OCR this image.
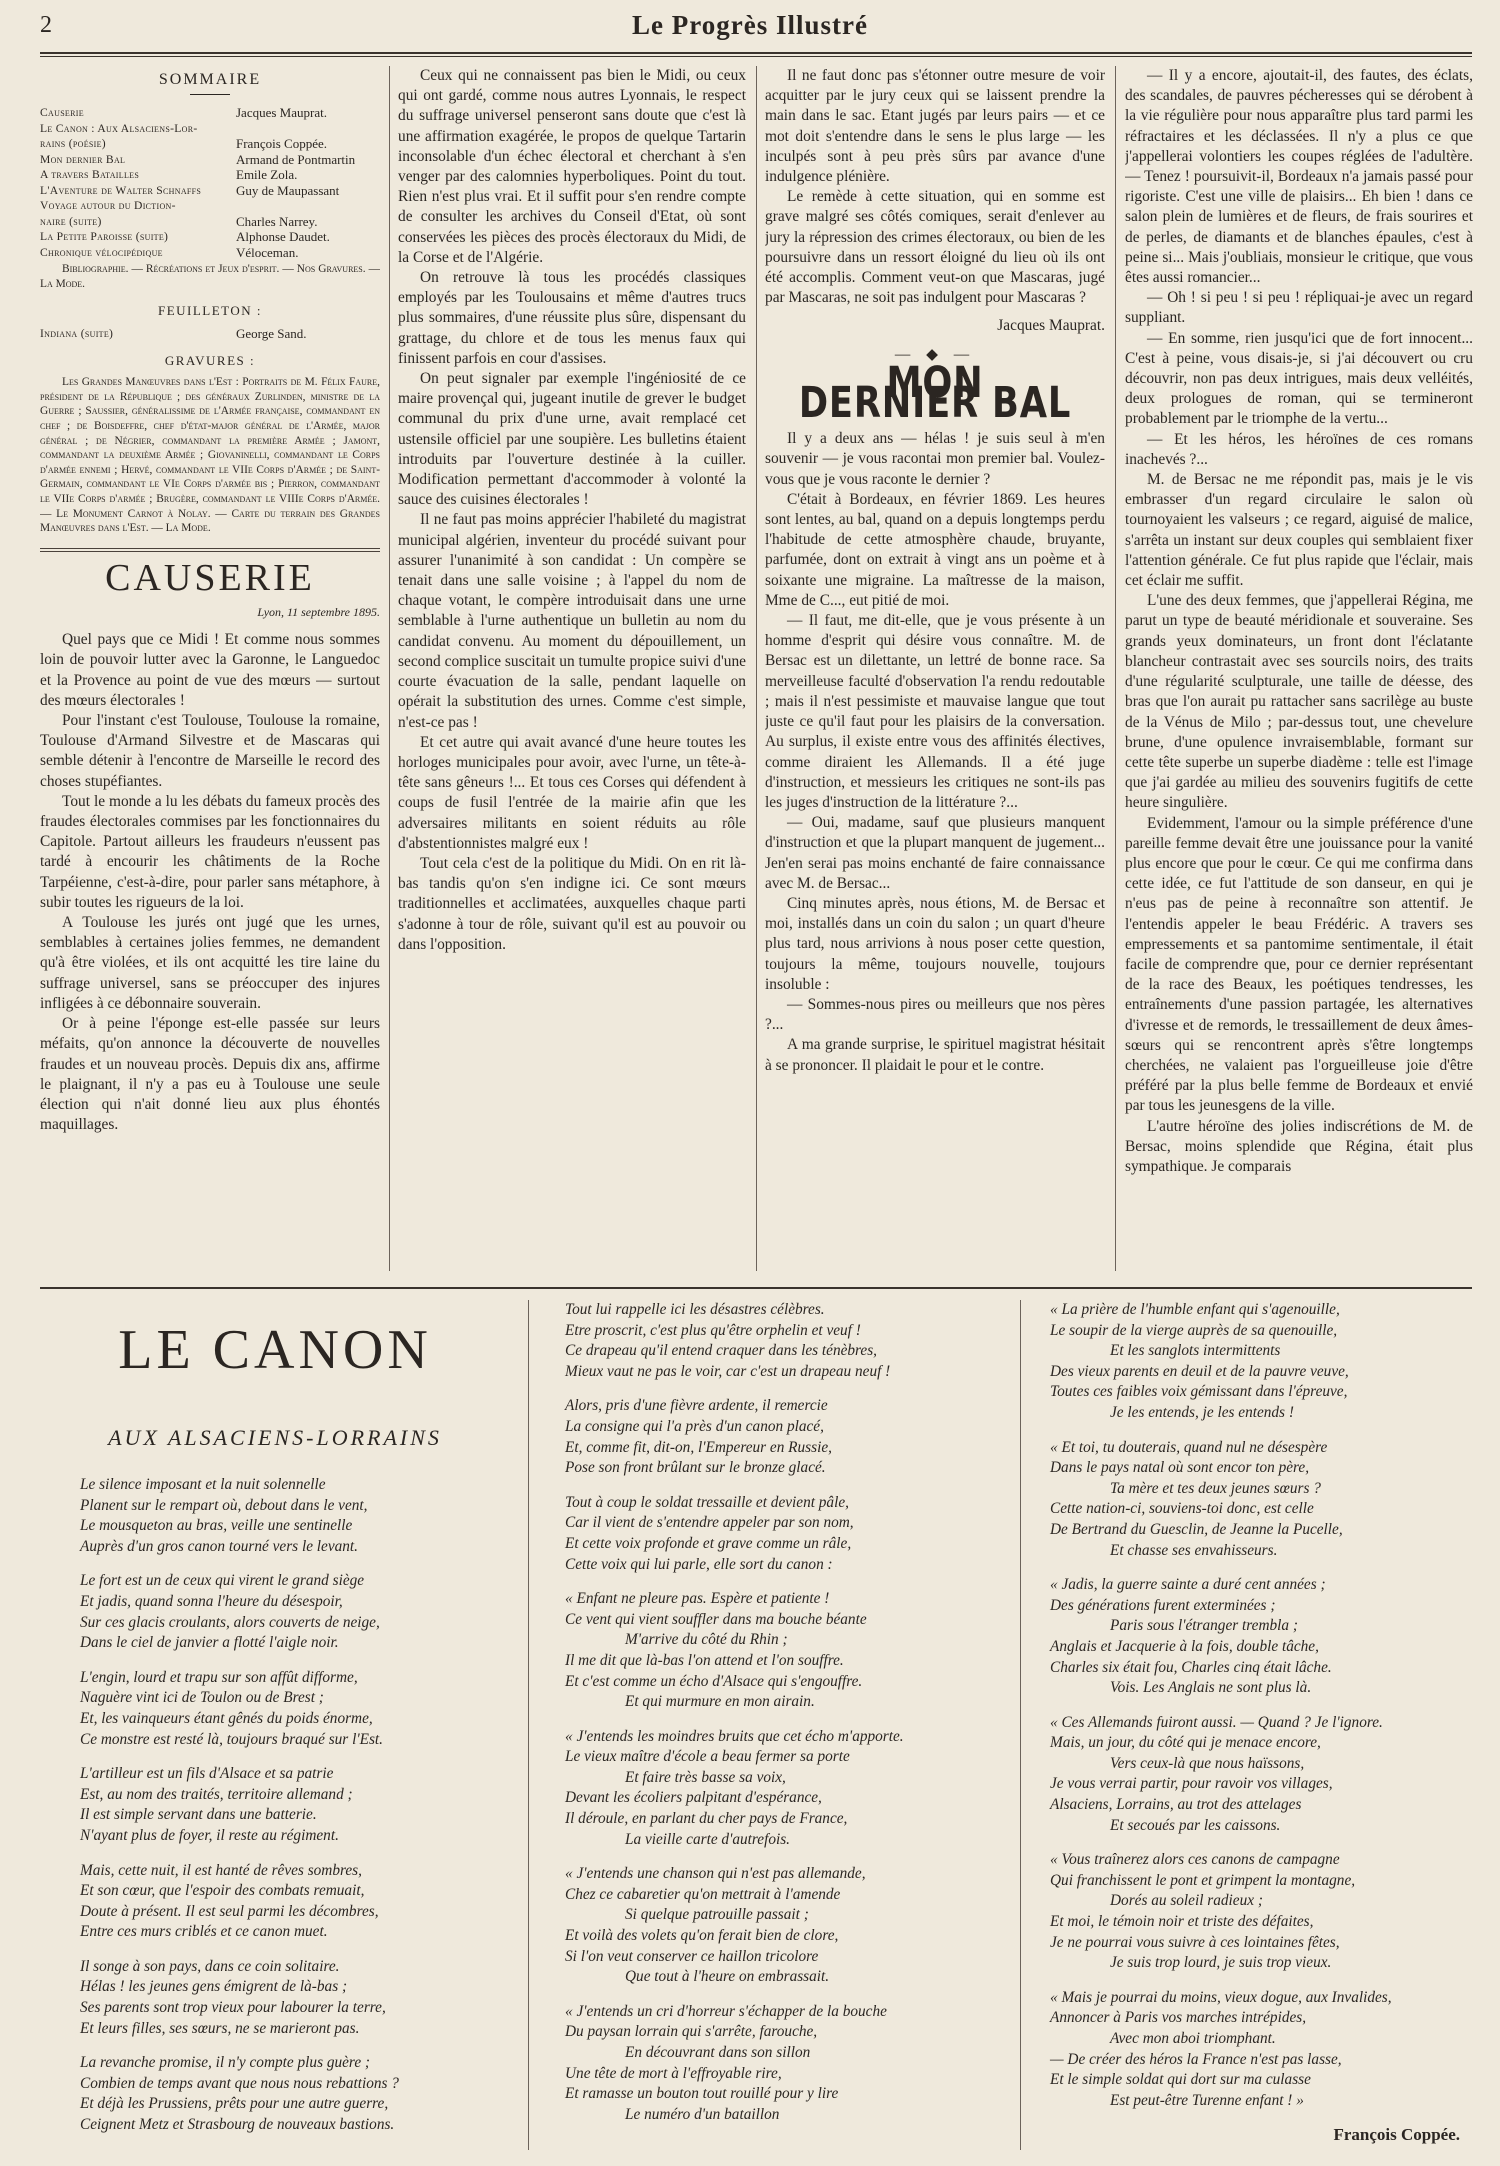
2	Le Progrès Illustré
SOMMAIRE
Causerie	Jacques Mauprat.
Le Canon : Aux Alsaciens-Lor-
rains (poésie)	François Coppée.
Mon dernier Bal	Armand de Pontmartin
A travers Batailles	Emile Zola.
L'Aventure de Walter Schnaffs	Guy de Maupassant
Voyage autour du Diction-
naire (suite)	Charles Narrey.
La Petite Paroisse (suite)	Alphonse Daudet.
Chronique vélocipédique	Véloceman.

Bibliographie. — Récréations et Jeux d'esprit. — Nos Gravures. — La Mode.

FEUILLETON :
Indiana (suite)	George Sand.
GRAVURES :

Les Grandes Manœuvres dans l'Est : Portraits de M. Félix Faure, président de la République ; des généraux Zurlinden, ministre de la Guerre ; Saussier, généralissime de l'Armée française, commandant en chef ; de Boisdeffre, chef d'état-major général de l'Armée, major général ; de Négrier, commandant la première Armée ; Jamont, commandant la deuxième Armée ; Giovaninelli, commandant le Corps d'armée ennemi ; Hervé, commandant le VIIe Corps d'Armée ; de Saint-Germain, commandant le VIe Corps d'armée bis ; Pierron, commandant le VIIe Corps d'armée ; Brugère, commandant le VIIIe Corps d'Armée. — Le Monument Carnot à Nolay. — Carte du terrain des Grandes Manœuvres dans l'Est. — La Mode.

CAUSERIE
Lyon, 11 septembre 1895.

Quel pays que ce Midi ! Et comme nous sommes loin de pouvoir lutter avec la Garonne, le Languedoc et la Provence au point de vue des mœurs — surtout des mœurs électorales !

Pour l'instant c'est Toulouse, Toulouse la romaine, Toulouse d'Armand Silvestre et de Mascaras qui semble détenir à l'encontre de Marseille le record des choses stupéfiantes.

Tout le monde a lu les débats du fameux procès des fraudes électorales commises par les fonctionnaires du Capitole. Partout ailleurs les fraudeurs n'eussent pas tardé à encourir les châtiments de la Roche Tarpéienne, c'est-à-dire, pour parler sans métaphore, à subir toutes les rigueurs de la loi.

A Toulouse les jurés ont jugé que les urnes, semblables à certaines jolies femmes, ne demandent qu'à être violées, et ils ont acquitté les tire laine du suffrage universel, sans se préoccuper des injures infligées à ce débonnaire souverain.

Or à peine l'éponge est-elle passée sur leurs méfaits, qu'on annonce la découverte de nouvelles fraudes et un nouveau procès. Depuis dix ans, affirme le plaignant, il n'y a pas eu à Toulouse une seule élection qui n'ait donné lieu aux plus éhontés maquillages.

Ceux qui ne connaissent pas bien le Midi, ou ceux qui ont gardé, comme nous autres Lyonnais, le respect du suffrage universel penseront sans doute que c'est là une affirmation exagérée, le propos de quelque Tartarin inconsolable d'un échec électoral et cherchant à s'en venger par des calomnies hyperboliques. Point du tout. Rien n'est plus vrai. Et il suffit pour s'en rendre compte de consulter les archives du Conseil d'Etat, où sont conservées les pièces des procès électoraux du Midi, de la Corse et de l'Algérie.

On retrouve là tous les procédés classiques employés par les Toulousains et même d'autres trucs plus sommaires, d'une réussite plus sûre, dispensant du grattage, du chlore et de tous les menus faux qui finissent parfois en cour d'assises.

On peut signaler par exemple l'ingéniosité de ce maire provençal qui, jugeant inutile de grever le budget communal du prix d'une urne, avait remplacé cet ustensile officiel par une soupière. Les bulletins étaient introduits par l'ouverture destinée à la cuiller. Modification permettant d'accommoder à volonté la sauce des cuisines électorales !

Il ne faut pas moins apprécier l'habileté du magistrat municipal algérien, inventeur du procédé suivant pour assurer l'unanimité à son candidat : Un compère se tenait dans une salle voisine ; à l'appel du nom de chaque votant, le compère introduisait dans une urne semblable à l'urne authentique un bulletin au nom du candidat convenu. Au moment du dépouillement, un second complice suscitait un tumulte propice suivi d'une courte évacuation de la salle, pendant laquelle on opérait la substitution des urnes. Comme c'est simple, n'est-ce pas !

Et cet autre qui avait avancé d'une heure toutes les horloges municipales pour avoir, avec l'urne, un tête-à-tête sans gêneurs !... Et tous ces Corses qui défendent à coups de fusil l'entrée de la mairie afin que les adversaires militants en soient réduits au rôle d'abstentionnistes malgré eux !

Tout cela c'est de la politique du Midi. On en rit là-bas tandis qu'on s'en indigne ici. Ce sont mœurs traditionnelles et acclimatées, auxquelles chaque parti s'adonne à tour de rôle, suivant qu'il est au pouvoir ou dans l'opposition.

Il ne faut donc pas s'étonner outre mesure de voir acquitter par le jury ceux qui se laissent prendre la main dans le sac. Etant jugés par leurs pairs — et ce mot doit s'entendre dans le sens le plus large — les inculpés sont à peu près sûrs par avance d'une indulgence plénière.

Le remède à cette situation, qui en somme est grave malgré ses côtés comiques, serait d'enlever au jury la répression des crimes électoraux, ou bien de les poursuivre dans un ressort éloigné du lieu où ils ont été accomplis. Comment veut-on que Mascaras, jugé par Mascaras, ne soit pas indulgent pour Mascaras ?

Jacques Mauprat.

— ◆ —
MON DERNIER BAL

Il y a deux ans — hélas ! je suis seul à m'en souvenir — je vous racontai mon premier bal. Voulez-vous que je vous raconte le dernier ?

C'était à Bordeaux, en février 1869. Les heures sont lentes, au bal, quand on a depuis longtemps perdu l'habitude de cette atmosphère chaude, bruyante, parfumée, dont on extrait à vingt ans un poème et à soixante une migraine. La maîtresse de la maison, Mme de C..., eut pitié de moi.

— Il faut, me dit-elle, que je vous présente à un homme d'esprit qui désire vous connaître. M. de Bersac est un dilettante, un lettré de bonne race. Sa merveilleuse faculté d'observation l'a rendu redoutable ; mais il n'est pessimiste et mauvaise langue que tout juste ce qu'il faut pour les plaisirs de la conversation. Au surplus, il existe entre vous des affinités électives, comme diraient les Allemands. Il a été juge d'instruction, et messieurs les critiques ne sont-ils pas les juges d'instruction de la littérature ?...

— Oui, madame, sauf que plusieurs manquent d'instruction et que la plupart manquent de jugement... Jen'en serai pas moins enchanté de faire connaissance avec M. de Bersac...

Cinq minutes après, nous étions, M. de Bersac et moi, installés dans un coin du salon ; un quart d'heure plus tard, nous arrivions à nous poser cette question, toujours la même, toujours nouvelle, toujours insoluble :

— Sommes-nous pires ou meilleurs que nos pères ?...

A ma grande surprise, le spirituel magistrat hésitait à se prononcer. Il plaidait le pour et le contre.

— Il y a encore, ajoutait-il, des fautes, des éclats, des scandales, de pauvres pécheresses qui se dérobent à la vie régulière pour nous apparaître plus tard parmi les réfractaires et les déclassées. Il n'y a plus ce que j'appellerai volontiers les coupes réglées de l'adultère. — Tenez ! poursuivit-il, Bordeaux n'a jamais passé pour rigoriste. C'est une ville de plaisirs... Eh bien ! dans ce salon plein de lumières et de fleurs, de frais sourires et de perles, de diamants et de blanches épaules, c'est à peine si... Mais j'oubliais, monsieur le critique, que vous êtes aussi romancier...

— Oh ! si peu ! si peu ! répliquai-je avec un regard suppliant.

— En somme, rien jusqu'ici que de fort innocent... C'est à peine, vous disais-je, si j'ai découvert ou cru découvrir, non pas deux intrigues, mais deux velléités, deux prologues de roman, qui se termineront probablement par le triomphe de la vertu...

— Et les héros, les héroïnes de ces romans inachevés ?...

M. de Bersac ne me répondit pas, mais je le vis embrasser d'un regard circulaire le salon où tournoyaient les valseurs ; ce regard, aiguisé de malice, s'arrêta un instant sur deux couples qui semblaient fixer l'attention générale. Ce fut plus rapide que l'éclair, mais cet éclair me suffit.

L'une des deux femmes, que j'appellerai Régina, me parut un type de beauté méridionale et souveraine. Ses grands yeux dominateurs, un front dont l'éclatante blancheur contrastait avec ses sourcils noirs, des traits d'une régularité sculpturale, une taille de déesse, des bras que l'on aurait pu rattacher sans sacrilège au buste de la Vénus de Milo ; par-dessus tout, une chevelure brune, d'une opulence invraisemblable, formant sur cette tête superbe un superbe diadème : telle est l'image que j'ai gardée au milieu des souvenirs fugitifs de cette heure singulière.

Evidemment, l'amour ou la simple préférence d'une pareille femme devait être une jouissance pour la vanité plus encore que pour le cœur. Ce qui me confirma dans cette idée, ce fut l'attitude de son danseur, en qui je n'eus pas de peine à reconnaître son attentif. Je l'entendis appeler le beau Frédéric. A travers ses empressements et sa pantomime sentimentale, il était facile de comprendre que, pour ce dernier représentant de la race des Beaux, les poétiques tendresses, les entraînements d'une passion partagée, les alternatives d'ivresse et de remords, le tressaillement de deux âmes-sœurs qui se rencontrent après s'être longtemps cherchées, ne valaient pas l'orgueilleuse joie d'être préféré par la plus belle femme de Bordeaux et envié par tous les jeunesgens de la ville.

L'autre héroïne des jolies indiscrétions de M. de Bersac, moins splendide que Régina, était plus sympathique. Je comparais

LE CANON
AUX ALSACIENS-LORRAINS
Le silence imposant et la nuit solennelle
Planent sur le rempart où, debout dans le vent,
Le mousqueton au bras, veille une sentinelle
Auprès d'un gros canon tourné vers le levant.
Le fort est un de ceux qui virent le grand siège
Et jadis, quand sonna l'heure du désespoir,
Sur ces glacis croulants, alors couverts de neige,
Dans le ciel de janvier a flotté l'aigle noir.
L'engin, lourd et trapu sur son affût difforme,
Naguère vint ici de Toulon ou de Brest ;
Et, les vainqueurs étant gênés du poids énorme,
Ce monstre est resté là, toujours braqué sur l'Est.
L'artilleur est un fils d'Alsace et sa patrie
Est, au nom des traités, territoire allemand ;
Il est simple servant dans une batterie.
N'ayant plus de foyer, il reste au régiment.
Mais, cette nuit, il est hanté de rêves sombres,
Et son cœur, que l'espoir des combats remuait,
Doute à présent. Il est seul parmi les décombres,
Entre ces murs criblés et ce canon muet.
Il songe à son pays, dans ce coin solitaire.
Hélas ! les jeunes gens émigrent de là-bas ;
Ses parents sont trop vieux pour labourer la terre,
Et leurs filles, ses sœurs, ne se marieront pas.
La revanche promise, il n'y compte plus guère ;
Combien de temps avant que nous nous rebattions ?
Et déjà les Prussiens, prêts pour une autre guerre,
Ceignent Metz et Strasbourg de nouveaux bastions.
Tout lui rappelle ici les désastres célèbres.
Etre proscrit, c'est plus qu'être orphelin et veuf !
Ce drapeau qu'il entend craquer dans les ténèbres,
Mieux vaut ne pas le voir, car c'est un drapeau neuf !
Alors, pris d'une fièvre ardente, il remercie
La consigne qui l'a près d'un canon placé,
Et, comme fit, dit-on, l'Empereur en Russie,
Pose son front brûlant sur le bronze glacé.
Tout à coup le soldat tressaille et devient pâle,
Car il vient de s'entendre appeler par son nom,
Et cette voix profonde et grave comme un râle,
Cette voix qui lui parle, elle sort du canon :
« Enfant ne pleure pas. Espère et patiente !
Ce vent qui vient souffler dans ma bouche béante
M'arrive du côté du Rhin ;
Il me dit que là-bas l'on attend et l'on souffre.
Et c'est comme un écho d'Alsace qui s'engouffre.
Et qui murmure en mon airain.
« J'entends les moindres bruits que cet écho m'apporte.
Le vieux maître d'école a beau fermer sa porte
Et faire très basse sa voix,
Devant les écoliers palpitant d'espérance,
Il déroule, en parlant du cher pays de France,
La vieille carte d'autrefois.
« J'entends une chanson qui n'est pas allemande,
Chez ce cabaretier qu'on mettrait à l'amende
Si quelque patrouille passait ;
Et voilà des volets qu'on ferait bien de clore,
Si l'on veut conserver ce haillon tricolore
Que tout à l'heure on embrassait.
« J'entends un cri d'horreur s'échapper de la bouche
Du paysan lorrain qui s'arrête, farouche,
En découvrant dans son sillon
Une tête de mort à l'effroyable rire,
Et ramasse un bouton tout rouillé pour y lire
Le numéro d'un bataillon
« La prière de l'humble enfant qui s'agenouille,
Le soupir de la vierge auprès de sa quenouille,
Et les sanglots intermittents
Des vieux parents en deuil et de la pauvre veuve,
Toutes ces faibles voix gémissant dans l'épreuve,
Je les entends, je les entends !
« Et toi, tu douterais, quand nul ne désespère
Dans le pays natal où sont encor ton père,
Ta mère et tes deux jeunes sœurs ?
Cette nation-ci, souviens-toi donc, est celle
De Bertrand du Guesclin, de Jeanne la Pucelle,
Et chasse ses envahisseurs.
« Jadis, la guerre sainte a duré cent années ;
Des générations furent exterminées ;
Paris sous l'étranger trembla ;
Anglais et Jacquerie à la fois, double tâche,
Charles six était fou, Charles cinq était lâche.
Vois. Les Anglais ne sont plus là.
« Ces Allemands fuiront aussi. — Quand ? Je l'ignore.
Mais, un jour, du côté qui je menace encore,
Vers ceux-là que nous haïssons,
Je vous verrai partir, pour ravoir vos villages,
Alsaciens, Lorrains, au trot des attelages
Et secoués par les caissons.
« Vous traînerez alors ces canons de campagne
Qui franchissent le pont et grimpent la montagne,
Dorés au soleil radieux ;
Et moi, le témoin noir et triste des défaites,
Je ne pourrai vous suivre à ces lointaines fêtes,
Je suis trop lourd, je suis trop vieux.
« Mais je pourrai du moins, vieux dogue, aux Invalides,
Annoncer à Paris vos marches intrépides,
Avec mon aboi triomphant.
— De créer des héros la France n'est pas lasse,
Et le simple soldat qui dort sur ma culasse
Est peut-être Turenne enfant ! »
François Coppée.
